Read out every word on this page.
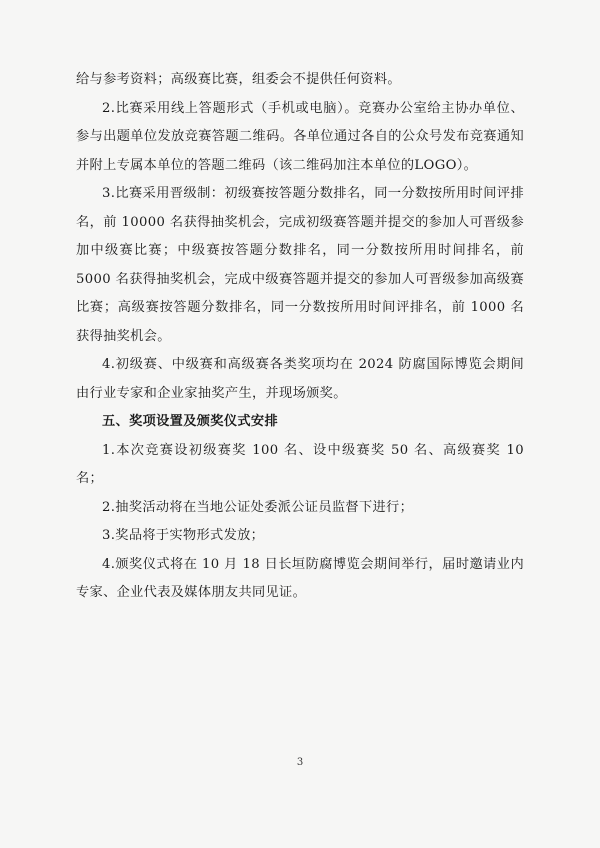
给与参考资料；高级赛比赛，组委会不提供任何资料。

2.比赛采用线上答题形式（手机或电脑）。竞赛办公室给主协办单位、参与出题单位发放竞赛答题二维码。各单位通过各自的公众号发布竞赛通知并附上专属本单位的答题二维码（该二维码加注本单位的LOGO）。

3.比赛采用晋级制：初级赛按答题分数排名，同一分数按所用时间评排名，前 10000 名获得抽奖机会，完成初级赛答题并提交的参加人可晋级参加中级赛比赛；中级赛按答题分数排名，同一分数按所用时间排名，前 5000 名获得抽奖机会，完成中级赛答题并提交的参加人可晋级参加高级赛比赛；高级赛按答题分数排名，同一分数按所用时间评排名，前 1000 名获得抽奖机会。

4.初级赛、中级赛和高级赛各类奖项均在 2024 防腐国际博览会期间由行业专家和企业家抽奖产生，并现场颁奖。

五、奖项设置及颁奖仪式安排

1.本次竞赛设初级赛奖 100 名、设中级赛奖 50 名、高级赛奖 10 名；

2.抽奖活动将在当地公证处委派公证员监督下进行；

3.奖品将于实物形式发放；

4.颁奖仪式将在 10 月 18 日长垣防腐博览会期间举行，届时邀请业内专家、企业代表及媒体朋友共同见证。

3
